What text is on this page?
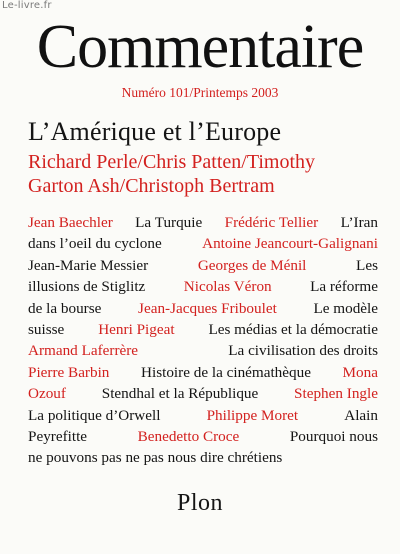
Le-livre.fr
Commentaire
Numéro 101/Printemps 2003
L’Amérique et l’Europe
Richard Perle/Chris Patten/Timothy
Garton Ash/Christoph Bertram
Jean Baechler La Turquie Frédéric Tellier L’Iran
dans l’oeil du cyclone	Antoine Jeancourt-Galignani
Jean-Marie Messier	Georges de Ménil	Les
illusions de Stiglitz	Nicolas Véron	La réforme
de la bourse Jean-Jacques Friboulet Le modèle
suisse Henri Pigeat Les médias et la démocratie
Armand Laferrère	La civilisation des droits
Pierre Barbin Histoire de la cinémathèque Mona
Ozouf Stendhal et la République Stephen Ingle
La politique d’Orwell	Philippe Moret	Alain
Peyrefitte	Benedetto Croce	Pourquoi nous
ne pouvons pas ne pas nous dire chrétiens
Plon
